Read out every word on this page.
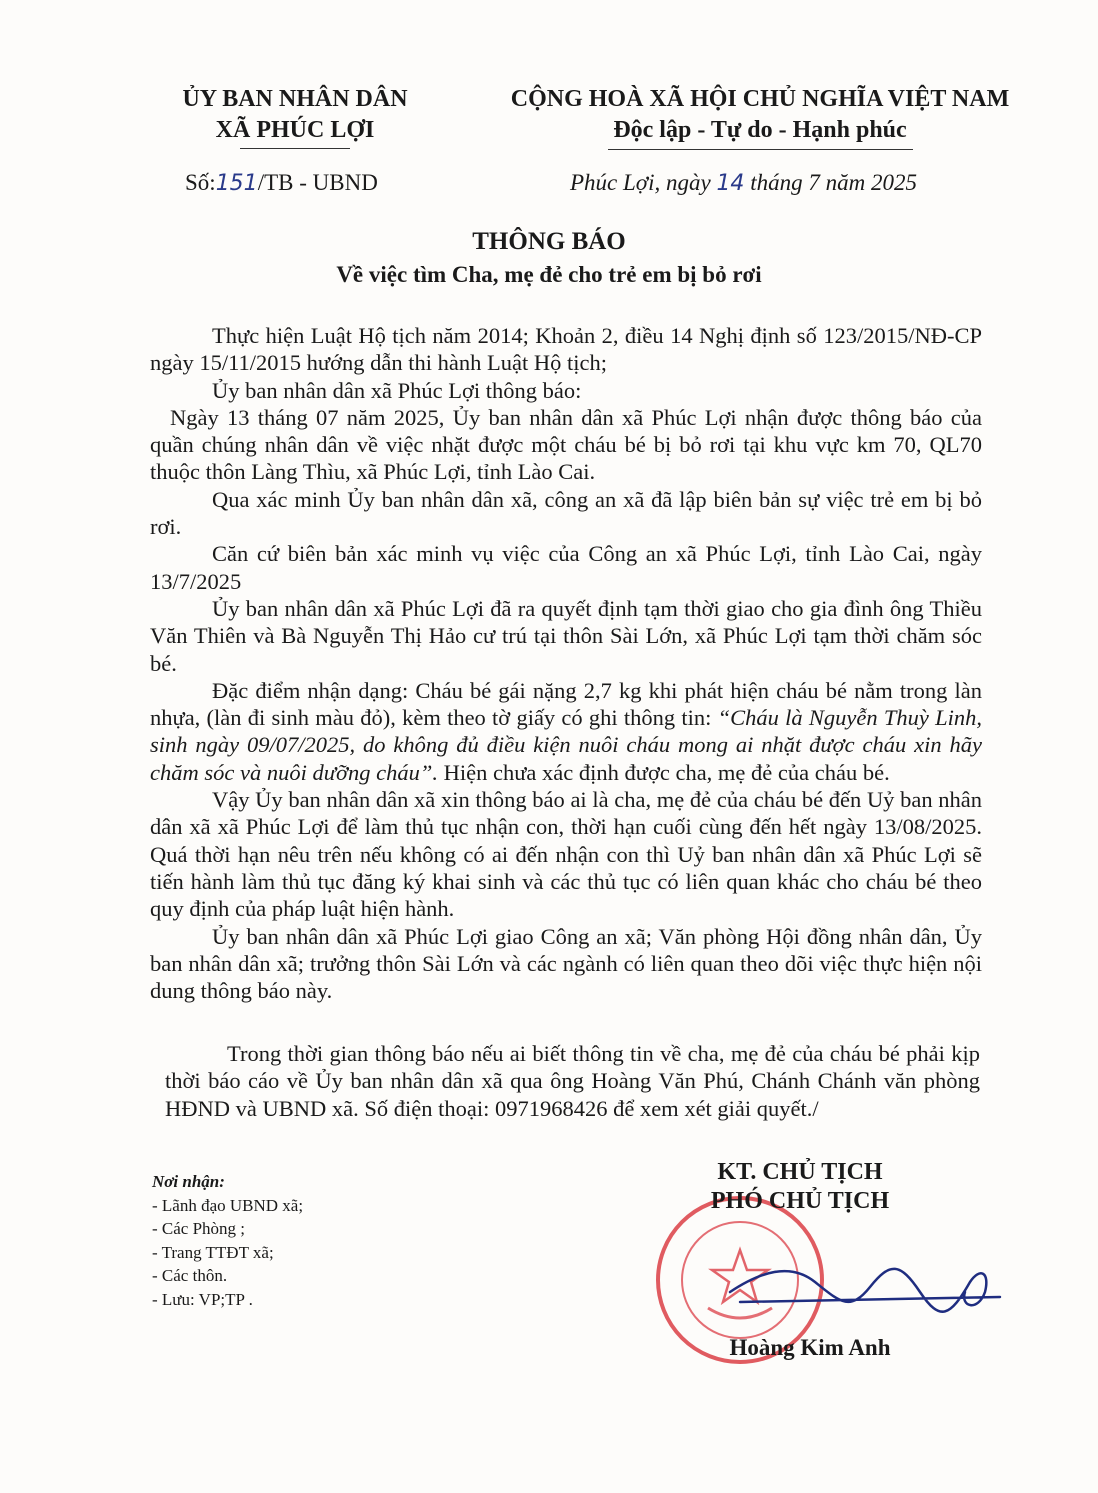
ỦY BAN NHÂN DÂN
XÃ PHÚC LỢI
CỘNG HOÀ XÃ HỘI CHỦ NGHĨA VIỆT NAM
Độc lập - Tự do - Hạnh phúc
Số:151/TB - UBND	Phúc Lợi, ngày 14 tháng 7 năm 2025
THÔNG BÁO
Về việc tìm Cha, mẹ đẻ cho trẻ em bị bỏ rơi

Thực hiện Luật Hộ tịch năm 2014; Khoản 2, điều 14 Nghị định số 123/2015/NĐ-CP ngày 15/11/2015 hướng dẫn thi hành Luật Hộ tịch;

Ủy ban nhân dân xã Phúc Lợi thông báo:

Ngày 13 tháng 07 năm 2025, Ủy ban nhân dân xã Phúc Lợi nhận được thông báo của quần chúng nhân dân về việc nhặt được một cháu bé bị bỏ rơi tại khu vực km 70, QL70 thuộc thôn Làng Thìu, xã Phúc Lợi, tỉnh Lào Cai.

Qua xác minh Ủy ban nhân dân xã, công an xã đã lập biên bản sự việc trẻ em bị bỏ rơi.

Căn cứ biên bản xác minh vụ việc của Công an xã Phúc Lợi, tỉnh Lào Cai, ngày 13/7/2025

Ủy ban nhân dân xã Phúc Lợi đã ra quyết định tạm thời giao cho gia đình ông Thiều Văn Thiên và Bà Nguyễn Thị Hảo cư trú tại thôn Sài Lớn, xã Phúc Lợi tạm thời chăm sóc bé.

Đặc điểm nhận dạng: Cháu bé gái nặng 2,7 kg khi phát hiện cháu bé nằm trong làn nhựa, (làn đi sinh màu đỏ), kèm theo tờ giấy có ghi thông tin: “Cháu là Nguyễn Thuỳ Linh, sinh ngày 09/07/2025, do không đủ điều kiện nuôi cháu mong ai nhặt được cháu xin hãy chăm sóc và nuôi dưỡng cháu”. Hiện chưa xác định được cha, mẹ đẻ của cháu bé.

Vậy Ủy ban nhân dân xã xin thông báo ai là cha, mẹ đẻ của cháu bé đến Uỷ ban nhân dân xã xã Phúc Lợi để làm thủ tục nhận con, thời hạn cuối cùng đến hết ngày 13/08/2025. Quá thời hạn nêu trên nếu không có ai đến nhận con thì Uỷ ban nhân dân xã Phúc Lợi sẽ tiến hành làm thủ tục đăng ký khai sinh và các thủ tục có liên quan khác cho cháu bé theo quy định của pháp luật hiện hành.

Ủy ban nhân dân xã Phúc Lợi giao Công an xã; Văn phòng Hội đồng nhân dân, Ủy ban nhân dân xã; trưởng thôn Sài Lớn và các ngành có liên quan theo dõi việc thực hiện nội dung thông báo này.

Trong thời gian thông báo nếu ai biết thông tin về cha, mẹ đẻ của cháu bé phải kịp thời báo cáo về Ủy ban nhân dân xã qua ông Hoàng Văn Phú, Chánh Chánh văn phòng HĐND và UBND xã. Số điện thoại: 0971968426 để xem xét giải quyết./

Nơi nhận:
- Lãnh đạo UBND xã;
- Các Phòng ;
- Trang TTĐT xã;
- Các thôn.
- Lưu: VP;TP .
KT. CHỦ TỊCH
PHÓ CHỦ TỊCH
Hoàng Kim Anh
